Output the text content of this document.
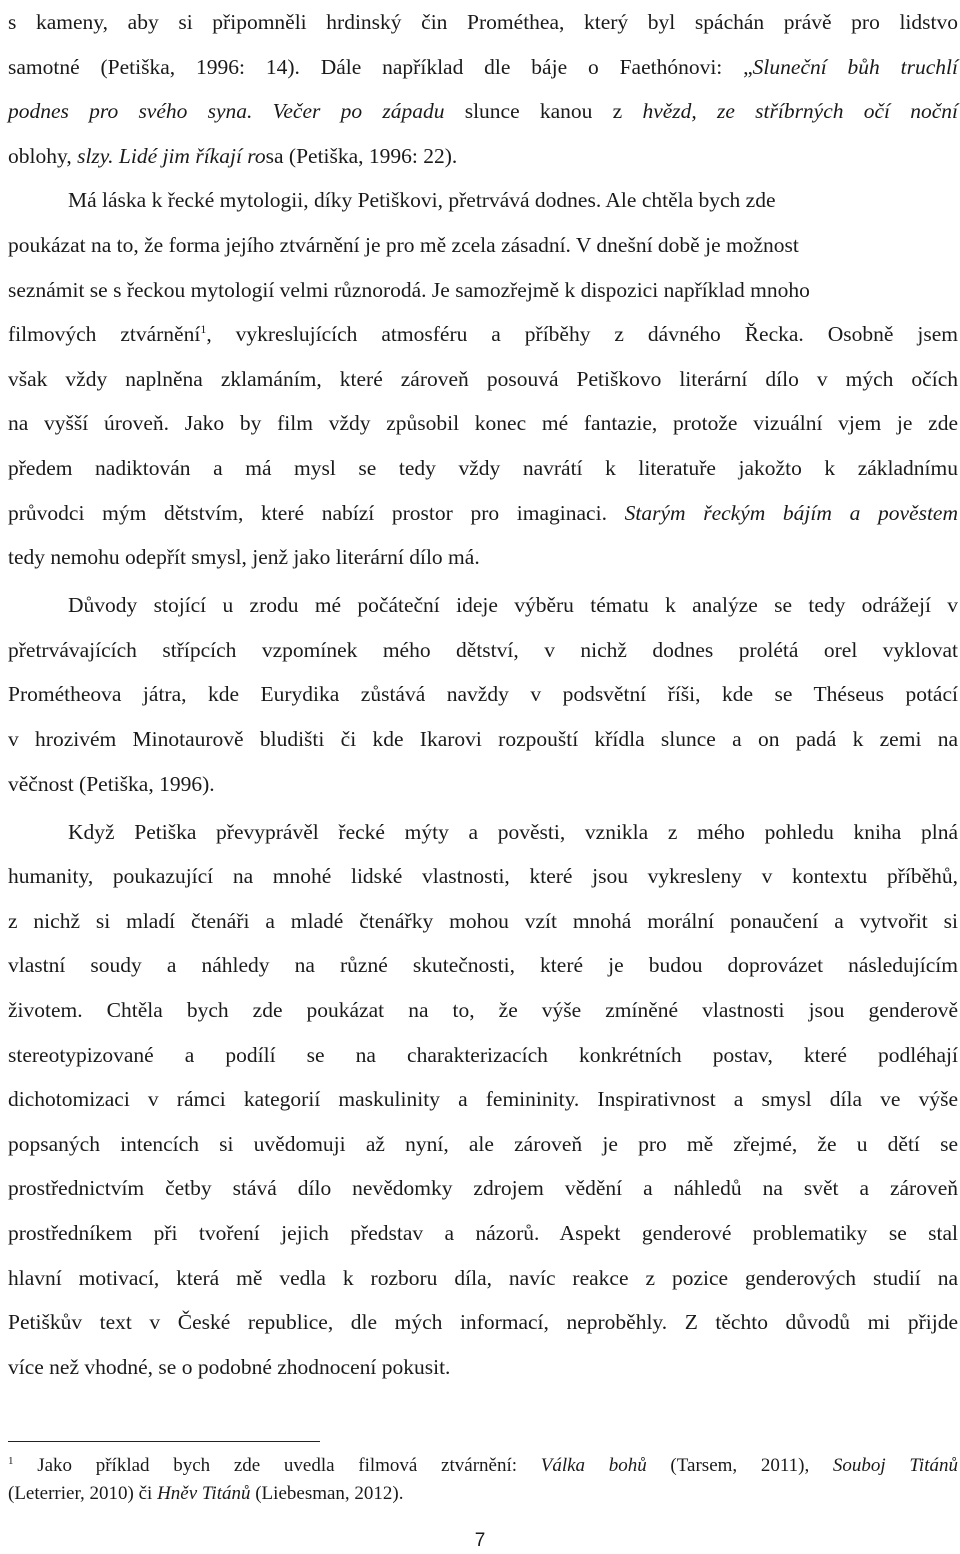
s kameny, aby si připomněli hrdinský čin Prométhea, který byl spáchán právě pro lidstvo
samotné (Petiška, 1996: 14). Dále například dle báje o Faethónovi: „Sluneční bůh truchlí
podnes pro svého syna. Večer po západu slunce kanou z hvězd, ze stříbrných očí noční
oblohy, slzy. Lidé jim říkají rosa (Petiška, 1996: 22).
Má láska k řecké mytologii, díky Petiškovi, přetrvává dodnes. Ale chtěla bych zde
poukázat na to, že forma jejího ztvárnění je pro mě zcela zásadní. V dnešní době je možnost
seznámit se s řeckou mytologií velmi různorodá. Je samozřejmě k dispozici například mnoho
filmových ztvárnění$^1$, vykreslujících atmosféru a příběhy z dávného Řecka. Osobně jsem
však vždy naplněna zklamáním, které zároveň posouvá Petiškovo literární dílo v mých očích
na vyšší úroveň. Jako by film vždy způsobil konec mé fantazie, protože vizuální vjem je zde
předem nadiktován a má mysl se tedy vždy navrátí k literatuře jakožto k základnímu
průvodci mým dětstvím, které nabízí prostor pro imaginaci. Starým řeckým bájím a pověstem
tedy nemohu odepřít smysl, jenž jako literární dílo má.
Důvody stojící u zrodu mé počáteční ideje výběru tématu k analýze se tedy odrážejí v
přetrvávajících střípcích vzpomínek mého dětství, v nichž dodnes prolétá orel vyklovat
Prométheova játra, kde Eurydika zůstává navždy v podsvětní říši, kde se Théseus potácí
v hrozivém Minotaurově bludišti či kde Ikarovi rozpouští křídla slunce a on padá k zemi na
věčnost (Petiška, 1996).
Když Petiška převyprávěl řecké mýty a pověsti, vznikla z mého pohledu kniha plná
humanity, poukazující na mnohé lidské vlastnosti, které jsou vykresleny v kontextu příběhů,
z nichž si mladí čtenáři a mladé čtenářky mohou vzít mnohá morální ponaučení a vytvořit si
vlastní soudy a náhledy na různé skutečnosti, které je budou doprovázet následujícím
životem. Chtěla bych zde poukázat na to, že výše zmíněné vlastnosti jsou genderově
stereotypizované a podílí se na charakterizacích konkrétních postav, které podléhají
dichotomizaci v rámci kategorií maskulinity a femininity. Inspirativnost a smysl díla ve výše
popsaných intencích si uvědomuji až nyní, ale zároveň je pro mě zřejmé, že u dětí se
prostřednictvím četby stává dílo nevědomky zdrojem vědění a náhledů na svět a zároveň
prostředníkem při tvoření jejich představ a názorů. Aspekt genderové problematiky se stal
hlavní motivací, která mě vedla k rozboru díla, navíc reakce z pozice genderových studií na
Petiškův text v České republice, dle mých informací, neproběhly. Z těchto důvodů mi přijde
více než vhodné, se o podobné zhodnocení pokusit.
$^1$ Jako příklad bych zde uvedla filmová ztvárnění: Válka bohů (Tarsem, 2011), Souboj Titánů
(Leterrier, 2010) či Hněv Titánů (Liebesman, 2012).
7
